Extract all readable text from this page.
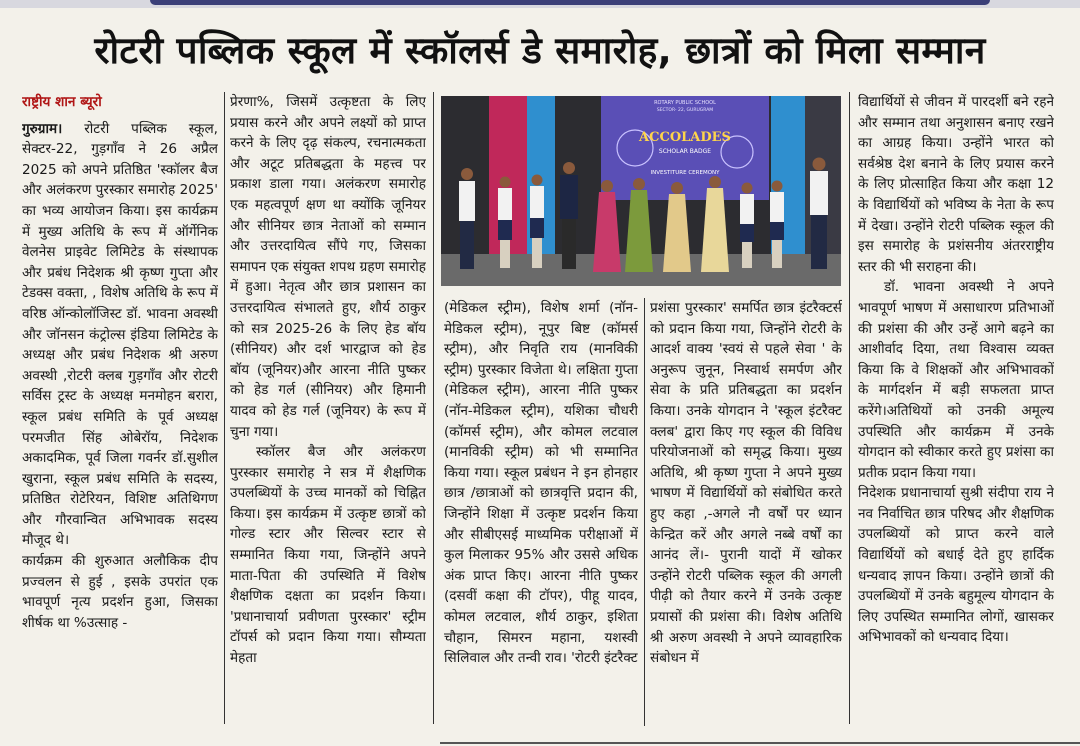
रोटरी पब्लिक स्कूल में स्कॉलर्स डे समारोह, छात्रों को मिला सम्मान
राष्ट्रीय शान ब्यूरो

गुरुग्राम। रोटरी पब्लिक स्कूल, सेक्टर-22, गुड़गाँव ने 26 अप्रैल 2025 को अपने प्रतिष्ठित 'स्कॉलर बैज और अलंकरण पुरस्कार समारोह 2025' का भव्य आयोजन किया। इस कार्यक्रम में मुख्य अतिथि के रूप में ऑर्गेनिक वेलनेस प्राइवेट लिमिटेड के संस्थापक और प्रबंध निदेशक श्री कृष्ण गुप्ता और टेडक्स वक्ता, , विशेष अतिथि के रूप में वरिष्ठ ऑन्कोलॉजिस्ट डॉ. भावना अवस्थी और जॉनसन कंट्रोल्स इंडिया लिमिटेड के अध्यक्ष और प्रबंध निदेशक श्री अरुण अवस्थी ,रोटरी क्लब गुड़गाँव और रोटरी सर्विस ट्रस्ट के अध्यक्ष मनमोहन बरारा, स्कूल प्रबंध समिति के पूर्व अध्यक्ष परमजीत सिंह ओबेरॉय, निदेशक अकादमिक, पूर्व जिला गवर्नर डॉ.सुशील खुराना, स्कूल प्रबंध समिति के सदस्य, प्रतिष्ठित रोटेरियन, विशिष्ट अतिथिगण और गौरवान्वित अभिभावक सदस्य मौजूद थे।

कार्यक्रम की शुरुआत अलौकिक दीप प्रज्वलन से हुई , इसके उपरांत एक भावपूर्ण नृत्य प्रदर्शन हुआ, जिसका शीर्षक था %उत्साह -

प्रेरणा%, जिसमें उत्कृष्टता के लिए प्रयास करने और अपने लक्ष्यों को प्राप्त करने के लिए दृढ़ संकल्प, रचनात्मकता और अटूट प्रतिबद्धता के महत्त्व पर प्रकाश डाला गया। अलंकरण समारोह एक महत्वपूर्ण क्षण था क्योंकि जूनियर और सीनियर छात्र नेताओं को सम्मान और उत्तरदायित्व सौंपे गए, जिसका समापन एक संयुक्त शपथ ग्रहण समारोह में हुआ। नेतृत्व और छात्र प्रशासन का उत्तरदायित्व संभालते हुए, शौर्य ठाकुर को सत्र 2025-26 के लिए हेड बॉय (सीनियर) और दर्श भारद्वाज को हेड बॉय (जूनियर)और आरना नीति पुष्कर को हेड गर्ल (सीनियर) और हिमानी यादव को हेड गर्ल (जूनियर) के रूप में चुना गया।

स्कॉलर बैज और अलंकरण पुरस्कार समारोह ने सत्र में शैक्षणिक उपलब्धियों के उच्च मानकों को चिह्नित किया। इस कार्यक्रम में उत्कृष्ट छात्रों को गोल्ड स्टार और सिल्वर स्टार से सम्मानित किया गया, जिन्होंने अपने माता-पिता की उपस्थिति में विशेष शैक्षणिक दक्षता का प्रदर्शन किया। 'प्रधानाचार्या प्रवीणता पुरस्कार' स्ट्रीम टॉपर्स को प्रदान किया गया। सौम्यता मेहता

ROTARY PUBLIC SCHOOL
SECTOR- 22, GURUGRAM
ACCOLADES
SCHOLAR BADGE
INVESTITURE CEREMONY

(मेडिकल स्ट्रीम), विशेष शर्मा (नॉन-मेडिकल स्ट्रीम), नूपुर बिष्ट (कॉमर्स स्ट्रीम), और निवृति राय (मानविकी स्ट्रीम) पुरस्कार विजेता थे। लक्षिता गुप्ता (मेडिकल स्ट्रीम), आरना नीति पुष्कर (नॉन-मेडिकल स्ट्रीम), यशिका चौधरी (कॉमर्स स्ट्रीम), और कोमल लटवाल (मानविकी स्ट्रीम) को भी सम्मानित किया गया। स्कूल प्रबंधन ने इन होनहार छात्र /छात्राओं को छात्रवृत्ति प्रदान की, जिन्होंने शिक्षा में उत्कृष्ट प्रदर्शन किया और सीबीएसई माध्यमिक परीक्षाओं में कुल मिलाकर 95% और उससे अधिक अंक प्राप्त किए। आरना नीति पुष्कर (दसवीं कक्षा की टॉपर), पीहू यादव, कोमल लटवाल, शौर्य ठाकुर, इशिता चौहान, सिमरन महाना, यशस्वी सिलिवाल और तन्वी राव। 'रोटरी इंटरैक्ट

प्रशंसा पुरस्कार' समर्पित छात्र इंटरैक्टर्स को प्रदान किया गया, जिन्होंने रोटरी के आदर्श वाक्य 'स्वयं से पहले सेवा ' के अनुरूप जुनून, निस्वार्थ समर्पण और सेवा के प्रति प्रतिबद्धता का प्रदर्शन किया। उनके योगदान ने 'स्कूल इंटरैक्ट क्लब' द्वारा किए गए स्कूल की विविध परियोजनाओं को समृद्ध किया। मुख्य अतिथि, श्री कृष्ण गुप्ता ने अपने मुख्य भाषण में विद्यार्थियों को संबोधित करते हुए कहा ,-अगले नौ वर्षों पर ध्यान केन्द्रित करें और अगले नब्बे वर्षों का आनंद लें।- पुरानी यादों में खोकर उन्होंने रोटरी पब्लिक स्कूल की अगली पीढ़ी को तैयार करने में उनके उत्कृष्ट प्रयासों की प्रशंसा की। विशेष अतिथि श्री अरुण अवस्थी ने अपने व्यावहारिक संबोधन में

विद्यार्थियों से जीवन में पारदर्शी बने रहने और सम्मान तथा अनुशासन बनाए रखने का आग्रह किया। उन्होंने भारत को सर्वश्रेष्ठ देश बनाने के लिए प्रयास करने के लिए प्रोत्साहित किया और कक्षा 12 के विद्यार्थियों को भविष्य के नेता के रूप में देखा। उन्होंने रोटरी पब्लिक स्कूल की इस समारोह के प्रशंसनीय अंतरराष्ट्रीय स्तर की भी सराहना की।

डॉ. भावना अवस्थी ने अपने भावपूर्ण भाषण में असाधारण प्रतिभाओं की प्रशंसा की और उन्हें आगे बढ़ने का आशीर्वाद दिया, तथा विश्वास व्यक्त किया कि वे शिक्षकों और अभिभावकों के मार्गदर्शन में बड़ी सफलता प्राप्त करेंगे।अतिथियों को उनकी अमूल्य उपस्थिति और कार्यक्रम में उनके योगदान को स्वीकार करते हुए प्रशंसा का प्रतीक प्रदान किया गया।

निदेशक प्रधानाचार्या सुश्री संदीपा राय ने नव निर्वाचित छात्र परिषद और शैक्षणिक उपलब्धियों को प्राप्त करने वाले विद्यार्थियों को बधाई देते हुए हार्दिक धन्यवाद ज्ञापन किया। उन्होंने छात्रों की उपलब्धियों में उनके बहुमूल्य योगदान के लिए उपस्थित सम्मानित लोगों, खासकर अभिभावकों को धन्यवाद दिया।
